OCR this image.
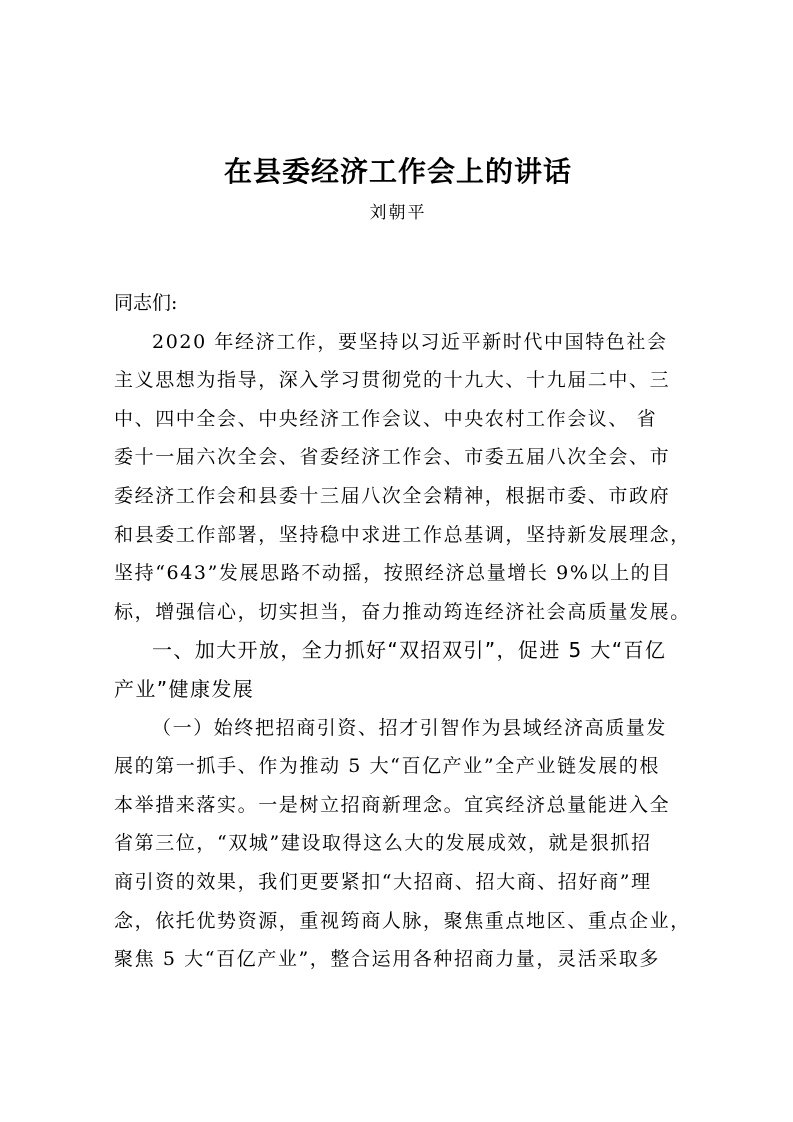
在县委经济工作会上的讲话
刘朝平
同志们:
2020 年经济工作，要坚持以习近平新时代中国特色社会
主义思想为指导，深入学习贯彻党的十九大、十九届二中、三
中、四中全会、中央经济工作会议、中央农村工作会议、 省
委十一届六次全会、省委经济工作会、市委五届八次全会、市
委经济工作会和县委十三届八次全会精神，根据市委、市政府
和县委工作部署，坚持稳中求进工作总基调，坚持新发展理念，
坚持“643”发展思路不动摇，按照经济总量增长 9%以上的目
标，增强信心，切实担当，奋力推动筠连经济社会高质量发展。
一、加大开放，全力抓好“双招双引”，促进 5 大“百亿
产业”健康发展
（一）始终把招商引资、招才引智作为县域经济高质量发
展的第一抓手、作为推动 5 大“百亿产业”全产业链发展的根
本举措来落实。一是树立招商新理念。宜宾经济总量能进入全
省第三位，“双城”建设取得这么大的发展成效，就是狠抓招
商引资的效果，我们更要紧扣“大招商、招大商、招好商”理
念，依托优势资源，重视筠商人脉，聚焦重点地区、重点企业，
聚焦 5 大“百亿产业”，整合运用各种招商力量，灵活采取多
